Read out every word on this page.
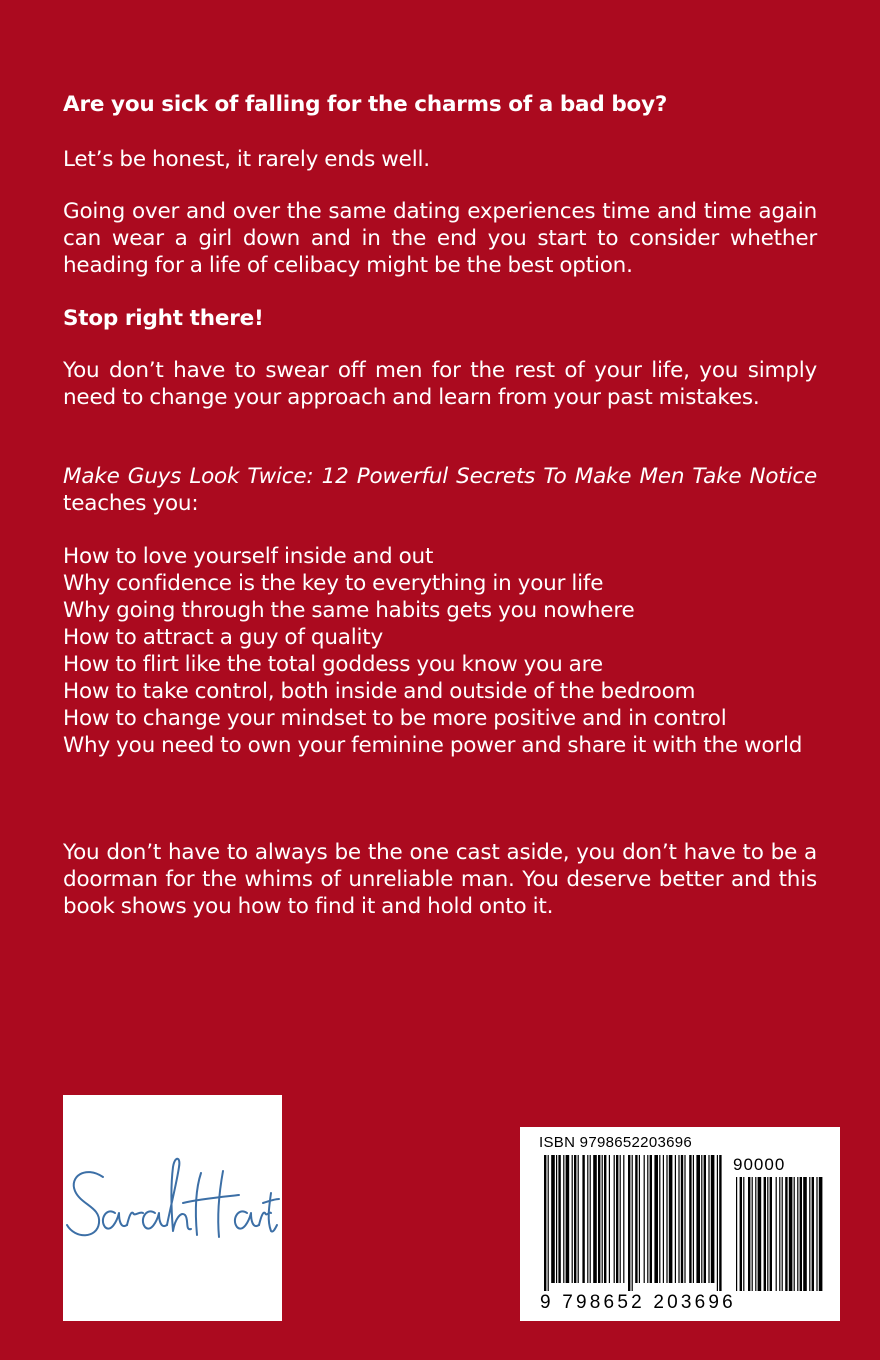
Are you sick of falling for the charms of a bad boy?
Let’s be honest, it rarely ends well.
Going over and over the same dating experiences time and time again can wear a girl down and in the end you start to consider whether heading for a life of celibacy might be the best option.
Stop right there!
You don’t have to swear off men for the rest of your life, you simply need to change your approach and learn from your past mistakes.
Make Guys Look Twice: 12 Powerful Secrets To Make Men Take Notice teaches you:
How to love yourself inside and out
Why confidence is the key to everything in your life
Why going through the same habits gets you nowhere
How to attract a guy of quality
How to flirt like the total goddess you know you are
How to take control, both inside and outside of the bedroom
How to change your mindset to be more positive and in control
Why you need to own your feminine power and share it with the world
You don’t have to always be the one cast aside, you don’t have to be a doorman for the whims of unreliable man. You deserve better and this book shows you how to find it and hold onto it.
ISBN 9798652203696
90000
9 798652 203696
